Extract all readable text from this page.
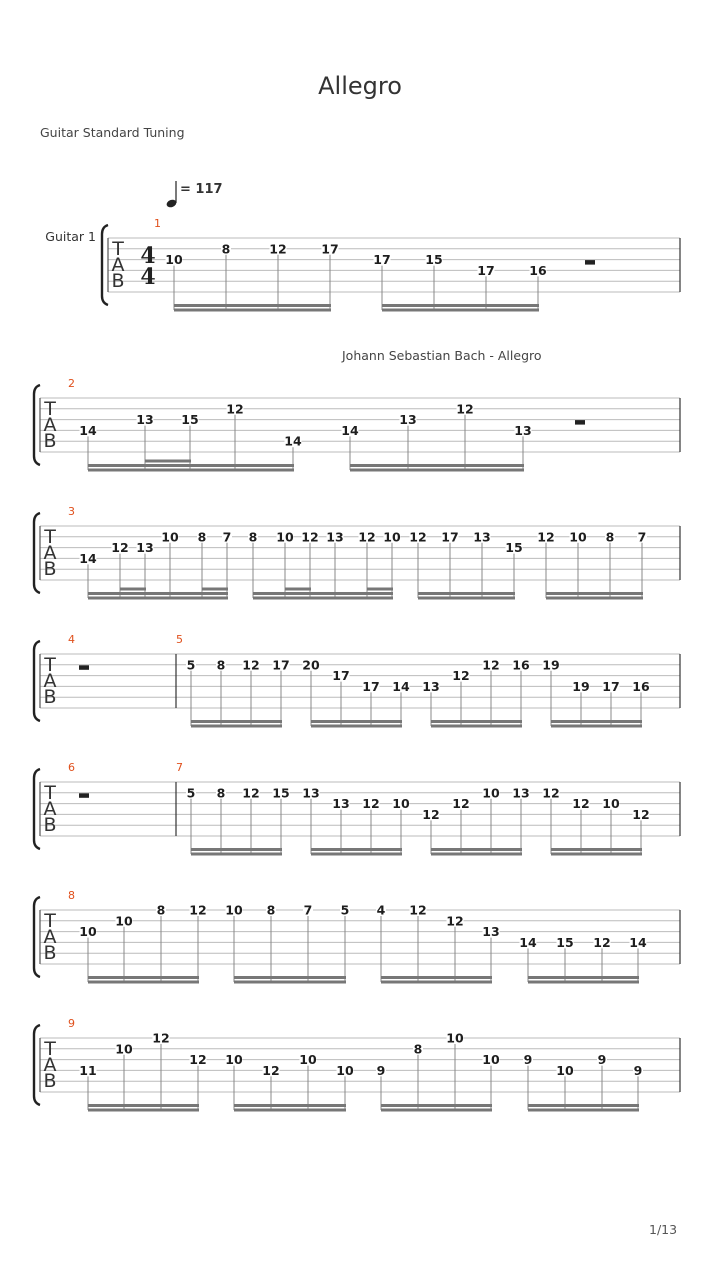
Allegro
Guitar Standard Tuning
Johann Sebastian Bach - Allegro
1/13
T
A
B
4
4
Guitar 1
= 117
1
10
8	12	17
17	15
17	16
T
A
B
2
14
13 15
12
14
14
13
12
13
T
A
B
3
14
12 13
10 8 7 8 10 12 13 12 10 12 17 13
15
12 10 8 7
T
A
B
4	5
5 8 12 17 20
17
17 14 13
12
12 16 19
19 17 16
T
A
B
6	7
5 8 12 15 13
13 12 10
12
12
10 13 12
12 10
12
T
A
B
8
10
10
8 12 10 8 7 5 4 12
12
13
14 15 12 14
T
A
B
9
11
10
12
12 10
12
10
10 9
8
10
10 9
10
9
9
